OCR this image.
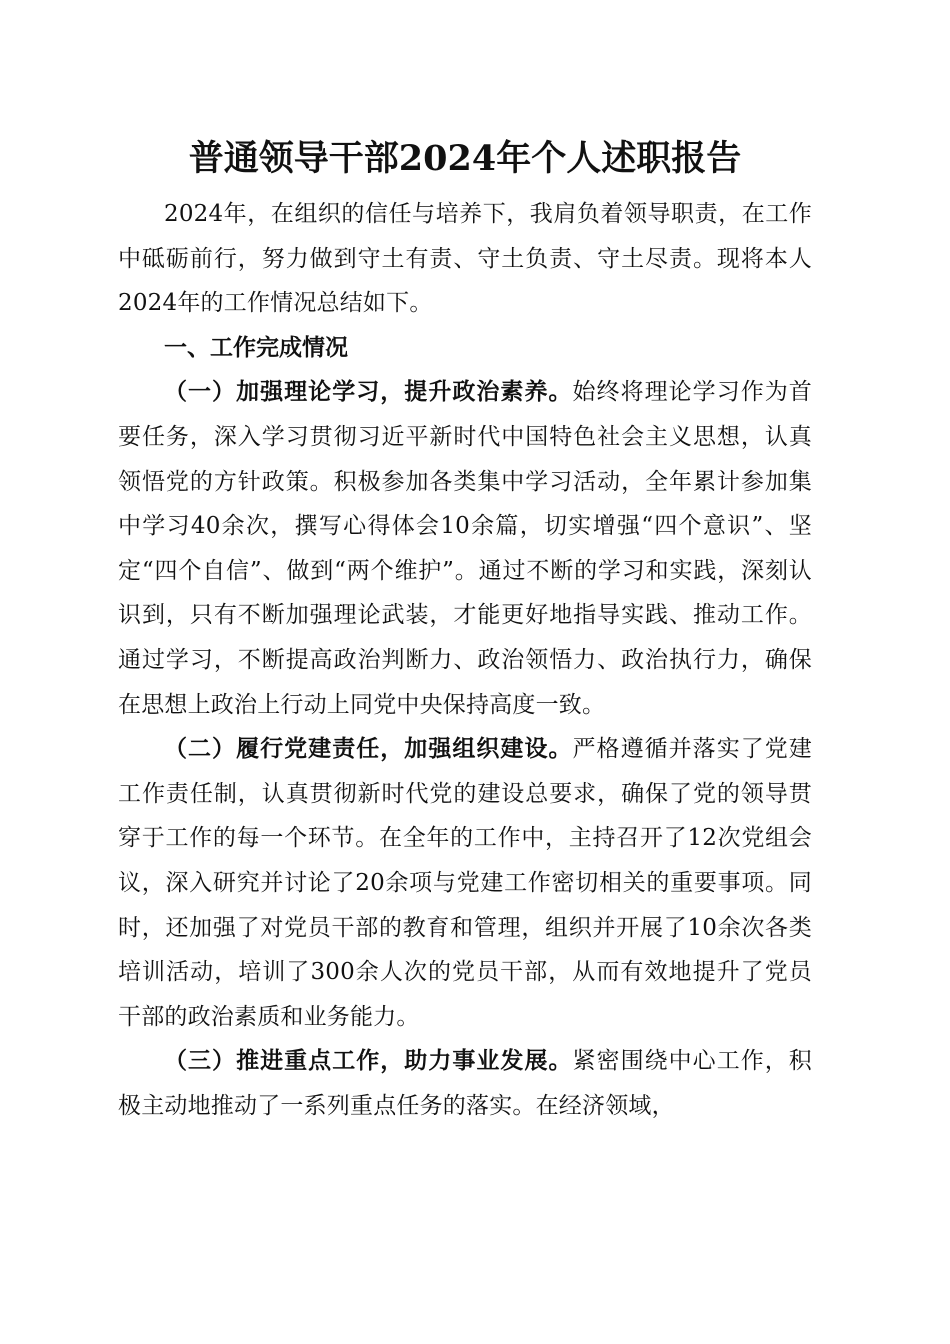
普通领导干部2024年个人述职报告

2024年，在组织的信任与培养下，我肩负着领导职责，在工作中砥砺前行，努力做到守土有责、守土负责、守土尽责。现将本人2024年的工作情况总结如下。

一、工作完成情况

（一）加强理论学习，提升政治素养。始终将理论学习作为首要任务，深入学习贯彻习近平新时代中国特色社会主义思想，认真领悟党的方针政策。积极参加各类集中学习活动，全年累计参加集中学习40余次，撰写心得体会10余篇，切实增强“四个意识”、坚定“四个自信”、做到“两个维护”。通过不断的学习和实践，深刻认识到，只有不断加强理论武装，才能更好地指导实践、推动工作。通过学习，不断提高政治判断力、政治领悟力、政治执行力，确保在思想上政治上行动上同党中央保持高度一致。

（二）履行党建责任，加强组织建设。严格遵循并落实了党建工作责任制，认真贯彻新时代党的建设总要求，确保了党的领导贯穿于工作的每一个环节。在全年的工作中，主持召开了12次党组会议，深入研究并讨论了20余项与党建工作密切相关的重要事项。同时，还加强了对党员干部的教育和管理，组织并开展了10余次各类培训活动，培训了300余人次的党员干部，从而有效地提升了党员干部的政治素质和业务能力。

（三）推进重点工作，助力事业发展。紧密围绕中心工作，积极主动地推动了一系列重点任务的落实。在经济领域，
